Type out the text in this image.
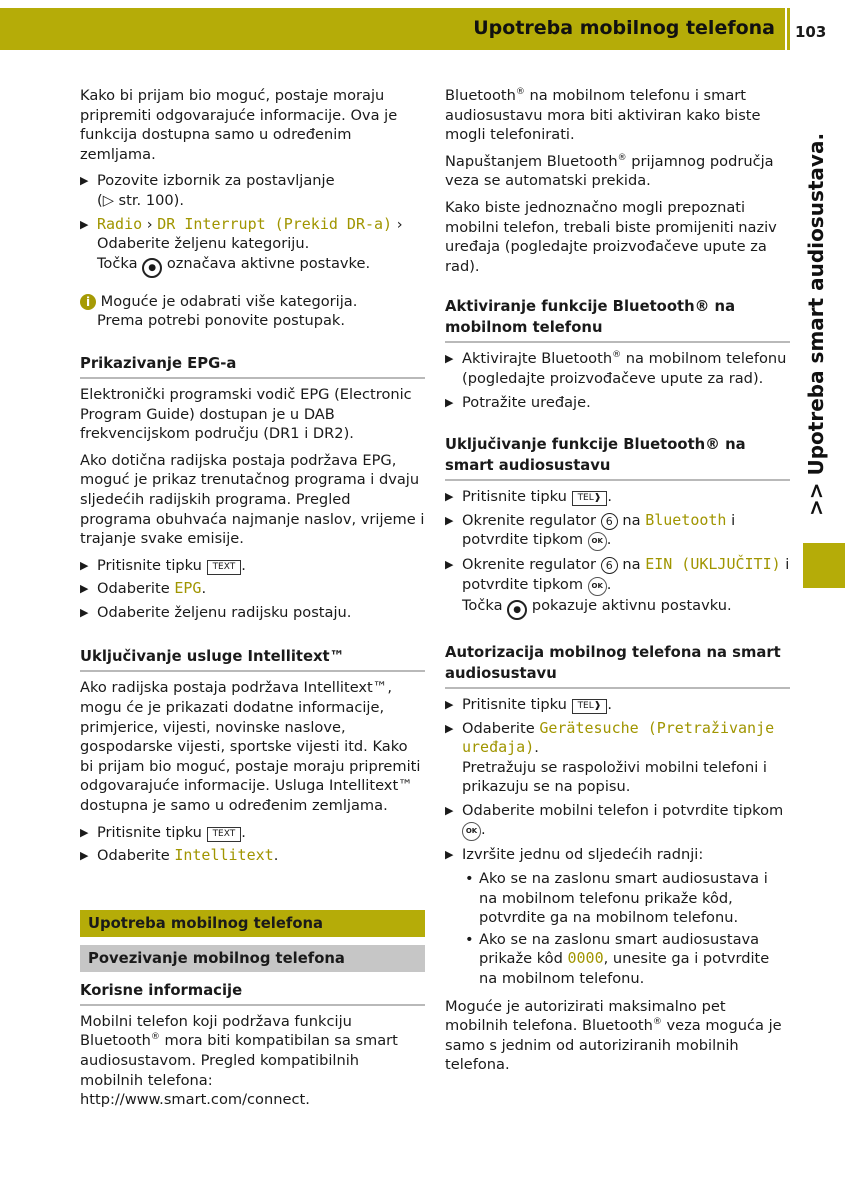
Upotreba mobilnog telefona 103
>> Upotreba smart audiosustava.

Kako bi prijam bio moguć, postaje moraju pripremiti odgovarajuće informacije. Ova je funkcija dostupna samo u određenim zemljama.

▶ Pozovite izbornik za postavljanje
(▷ str. 100).
▶ Radio › DR Interrupt (Prekid DR-a) ›
Odaberite željenu kategoriju.
Točka ● označava aktivne postavke.

i Moguće je odabrati više kategorija.
Prema potrebi ponovite postupak.

Prikazivanje EPG-a

Elektronički programski vodič EPG (Electronic Program Guide) dostupan je u DAB frekvencijskom području (DR1 i DR2).

Ako dotična radijska postaja podržava EPG, moguć je prikaz trenutačnog programa i dvaju sljedećih radijskih programa. Pregled programa obuhvaća najmanje naslov, vrijeme i trajanje svake emisije.

▶ Pritisnite tipku TEXT .
▶ Odaberite EPG.
▶ Odaberite željenu radijsku postaju.
Uključivanje usluge Intellitext™

Ako radijska postaja podržava Intellitext™, mogu će je prikazati dodatne informacije, primjerice, vijesti, novinske naslove, gospodarske vijesti, sportske vijesti itd. Kako bi prijam bio moguć, postaje moraju pripremiti odgovarajuće informacije. Usluga Intellitext™ dostupna je samo u određenim zemljama.

▶ Pritisnite tipku TEXT .
▶ Odaberite Intellitext.
Upotreba mobilnog telefona
Povezivanje mobilnog telefona
Korisne informacije

Mobilni telefon koji podržava funkciju Bluetooth® mora biti kompatibilan sa smart audiosustavom. Pregled kompatibilnih mobilnih telefona: http://www.smart.com/connect.

Bluetooth® na mobilnom telefonu i smart audiosustavu mora biti aktiviran kako biste mogli telefonirati.

Napuštanjem Bluetooth® prijamnog područja veza se automatski prekida.

Kako biste jednoznačno mogli prepoznati mobilni telefon, trebali biste promijeniti naziv uređaja (pogledajte proizvođačeve upute za rad).

Aktiviranje funkcije Bluetooth® na mobilnom telefonu
▶ Aktivirajte Bluetooth® na mobilnom telefonu (pogledajte proizvođačeve upute za rad).
▶ Potražite uređaje.
Uključivanje funkcije Bluetooth® na smart audiosustavu
▶ Pritisnite tipku TEL❱ .
▶ Okrenite regulator 6 na Bluetooth i potvrdite tipkom OK .
▶ Okrenite regulator 6 na EIN (UKLJUČITI) i potvrdite tipkom OK .
Točka ● pokazuje aktivnu postavku.
Autorizacija mobilnog telefona na smart audiosustavu
▶ Pritisnite tipku TEL❱ .
▶ Odaberite Gerätesuche (Pretraživanje uređaja).
Pretražuju se raspoloživi mobilni telefoni i prikazuju se na popisu.
▶ Odaberite mobilni telefon i potvrdite tipkom OK .
▶ Izvršite jednu od sljedećih radnji:
• Ako se na zaslonu smart audiosustava i na mobilnom telefonu prikaže kôd, potvrdite ga na mobilnom telefonu.
• Ako se na zaslonu smart audiosustava prikaže kôd 0000, unesite ga i potvrdite na mobilnom telefonu.

Moguće je autorizirati maksimalno pet mobilnih telefona. Bluetooth® veza moguća je samo s jednim od autoriziranih mobilnih telefona.
